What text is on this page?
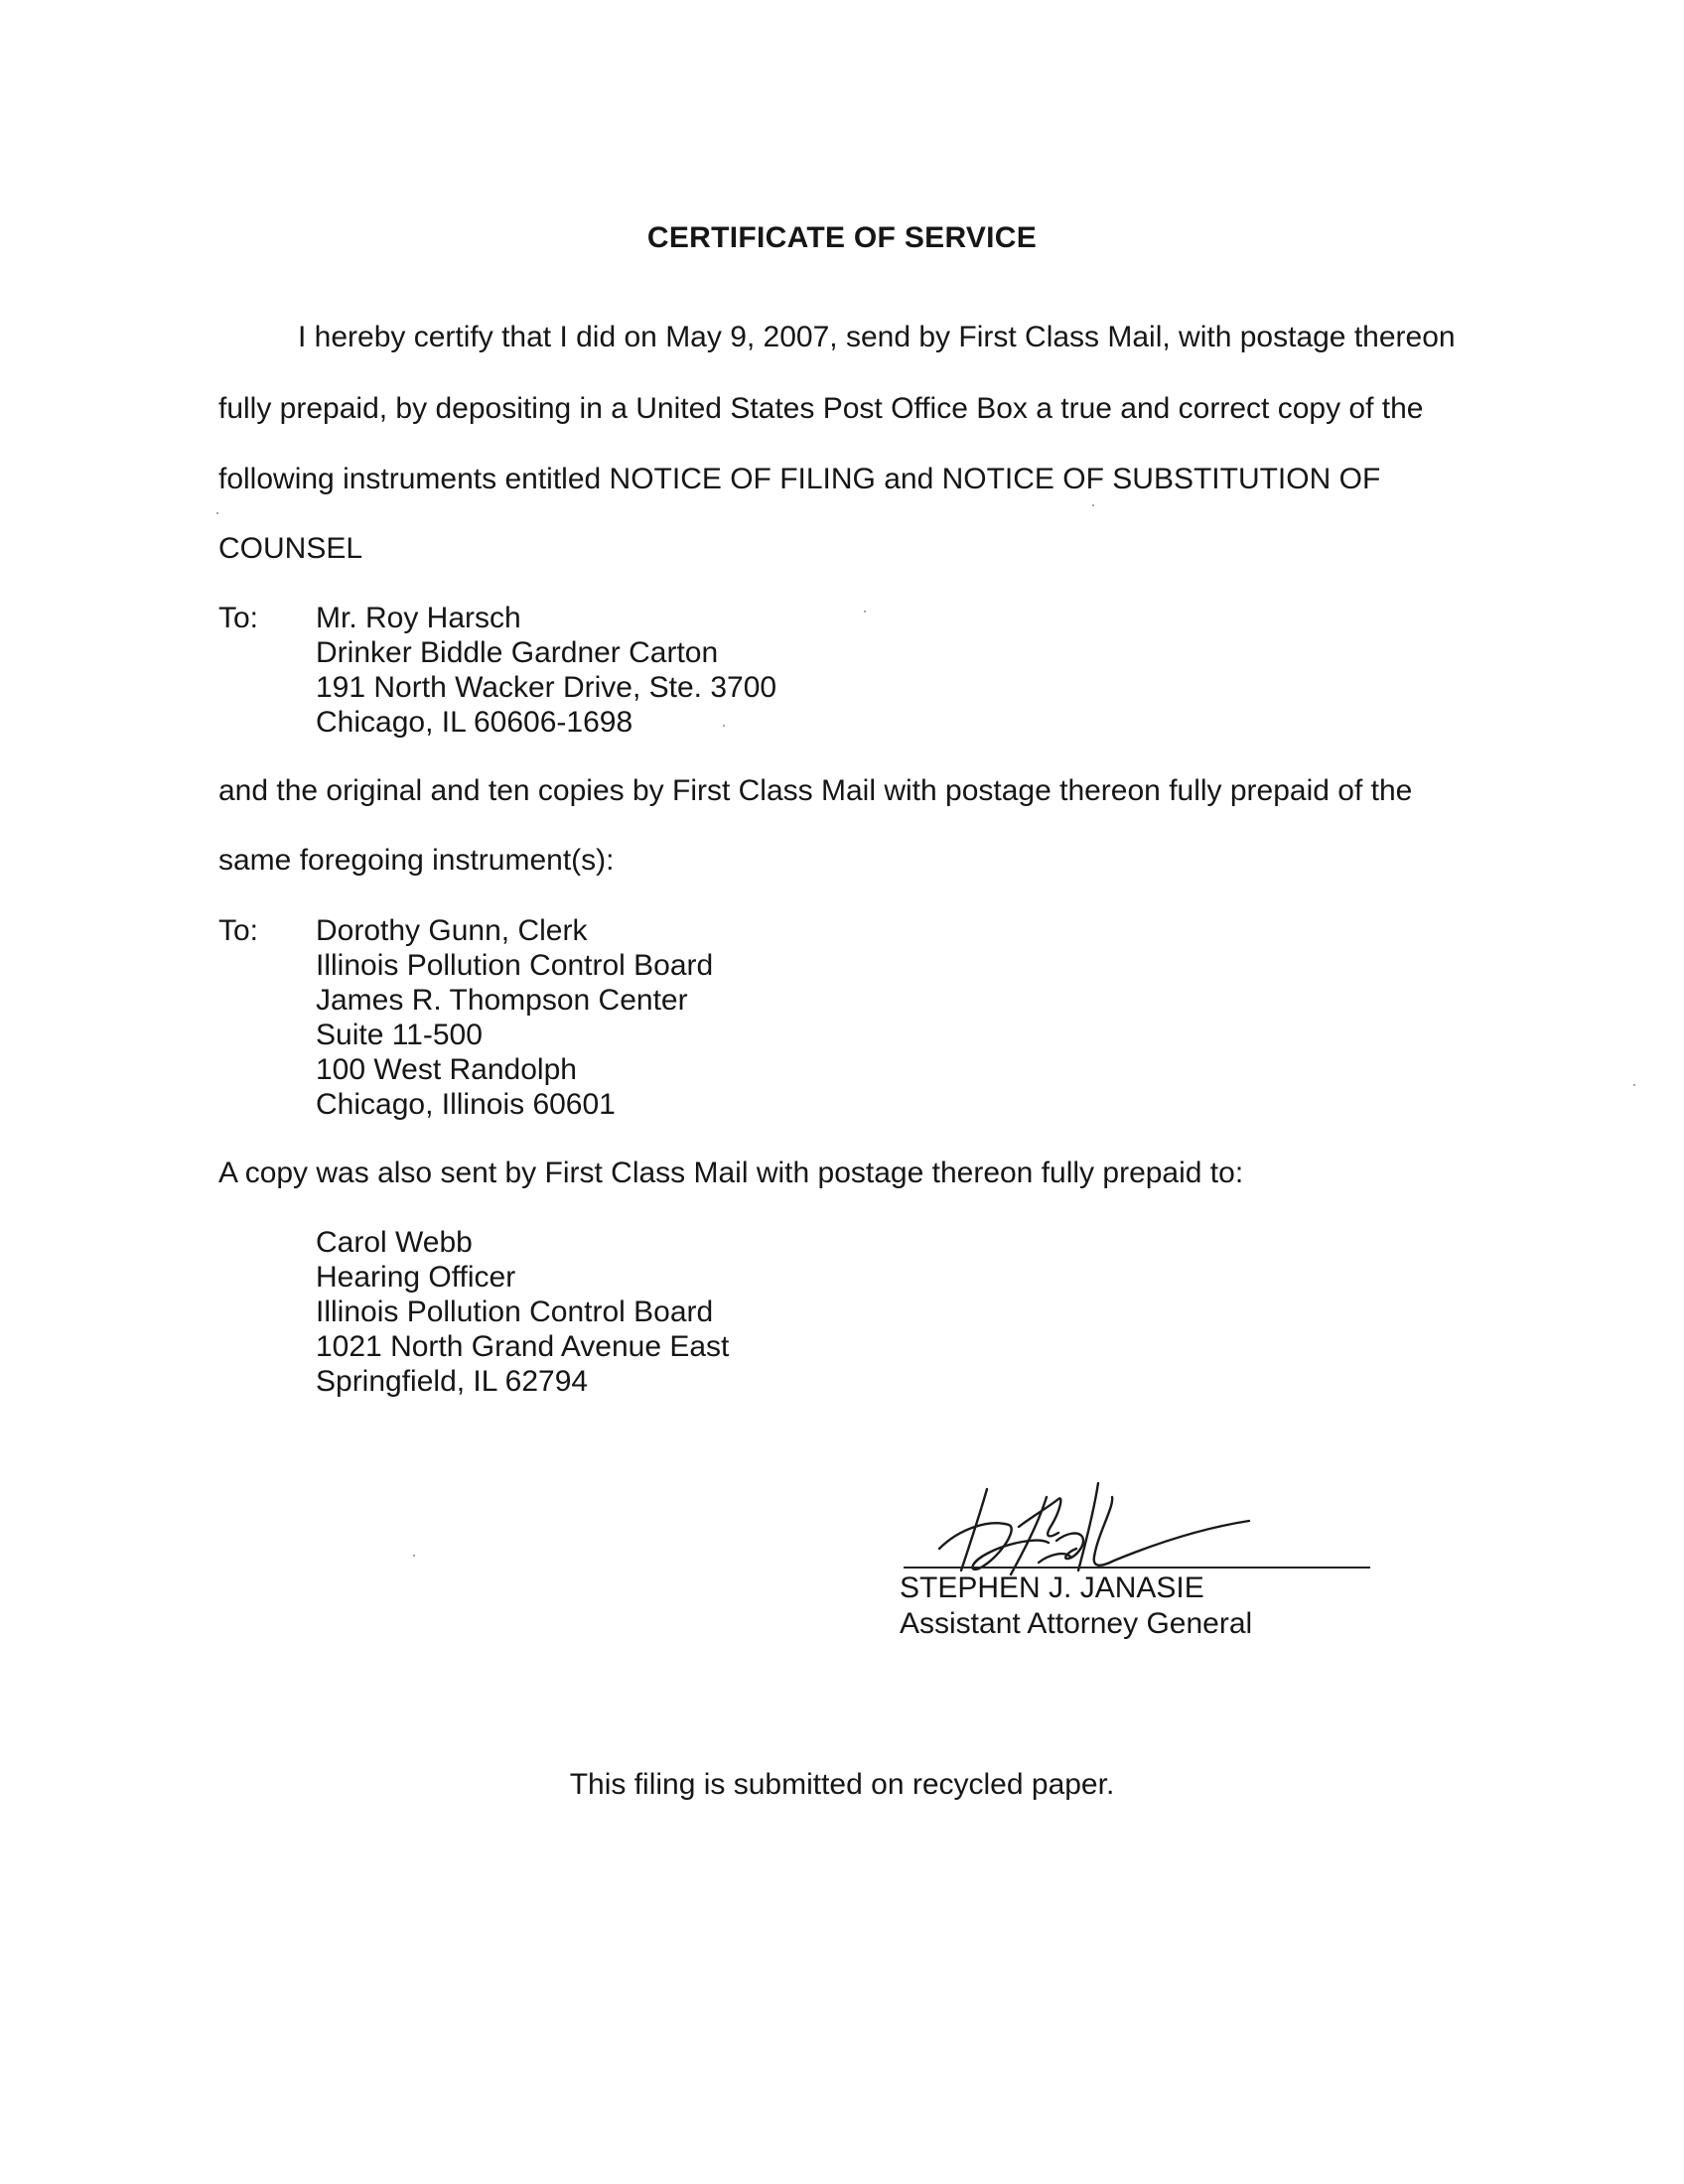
CERTIFICATE OF SERVICE
I hereby certify that I did on May 9, 2007, send by First Class Mail, with postage thereon
fully prepaid, by depositing in a United States Post Office Box a true and correct copy of the
following instruments entitled NOTICE OF FILING and NOTICE OF SUBSTITUTION OF
COUNSEL
To: Mr. Roy Harsch
Drinker Biddle Gardner Carton
191 North Wacker Drive, Ste. 3700
Chicago, IL 60606-1698
and the original and ten copies by First Class Mail with postage thereon fully prepaid of the
same foregoing instrument(s):
To: Dorothy Gunn, Clerk
Illinois Pollution Control Board
James R. Thompson Center
Suite 11-500
100 West Randolph
Chicago, Illinois 60601
A copy was also sent by First Class Mail with postage thereon fully prepaid to:
Carol Webb
Hearing Officer
Illinois Pollution Control Board
1021 North Grand Avenue East
Springfield, IL 62794
STEPHEN J. JANASIE
Assistant Attorney General
This filing is submitted on recycled paper.
